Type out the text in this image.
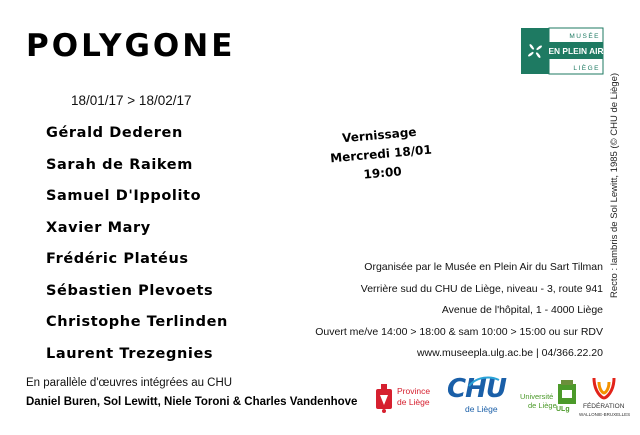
POLYGONE
18/01/17 > 18/02/17
Gérald Dederen
Sarah de Raikem
Samuel D'Ippolito
Xavier Mary
Frédéric Platéus
Sébastien Plevoets
Christophe Terlinden
Laurent Trezegnies
Vernissage
Mercredi 18/01
19:00
Organisée par le Musée en Plein Air du Sart Tilman
Verrière sud du CHU de Liège, niveau - 3, route 941
Avenue de l'hôpital, 1 - 4000 Liège
Ouvert me/ve 14:00 > 18:00 & sam 10:00 > 15:00 ou sur RDV
www.museepla.ulg.ac.be | 04/366.22.20
Recto : lambris de Sol Lewitt, 1985 (© CHU de Liège)
MUSÉE
EN PLEIN AIR
LIÈGE
En parallèle d'œuvres intégrées au CHU
Daniel Buren, Sol Lewitt, Niele Toroni & Charles Vandenhove
Province
de Liège CHU
de Liège	ULg
Université
de Liège	FÉDÉRATION
WALLONIE-BRUXELLES
